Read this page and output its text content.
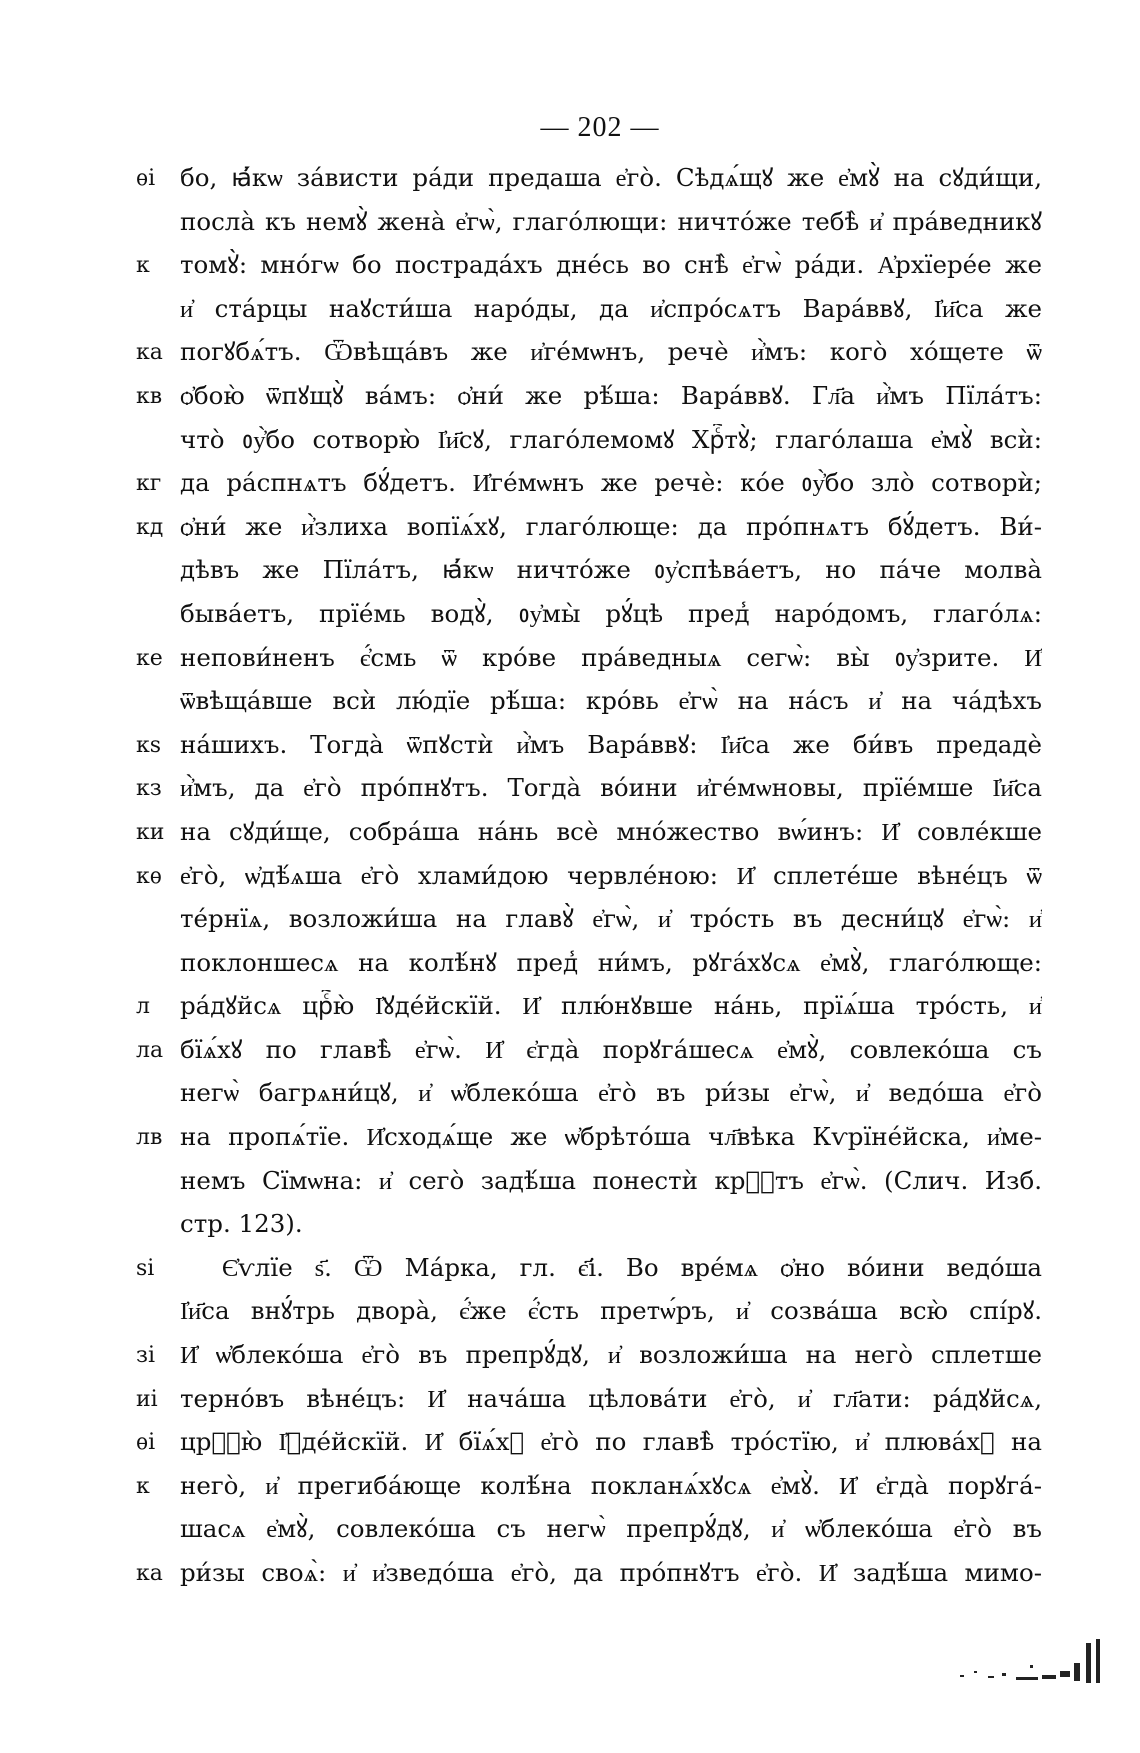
— 202 —
ѳі	бо, ꙗ҆́кѡ за́висти ра́ди предаша е҆го̀. Сѣдѧ́щꙋ же е҆мꙋ̀ на сꙋди́щи,
посла̀ къ немꙋ̀ жена̀ е҆гѡ̀, глаго́лющи: ничто́же тебѣ̀ и҆ пра́ведникꙋ
к	томꙋ̀: мно́гѡ бо пострада́хъ дне́сь во снѣ̀ е҆гѡ̀ ра́ди. А҆рхїере́е же
и҆ ста́рцы наꙋсти́ша наро́ды, да и҆спро́сѧтъ Вара́ввꙋ, І҆и҃са же
ка погꙋбѧ́тъ. Ѿвѣща́въ же и҆ге́мѡнъ, речѐ и҆̀мъ: кого̀ хо́щете ѿ
кв ѻ҆бою̀ ѿпꙋщꙋ̀ ва́мъ: ѻ҆ни́ же рѣ́ша: Вара́ввꙋ. Гл҃а и҆̀мъ Пїла́тъ:
что̀ ᲂу҆̀бо сотворю̀ І҆и҃сꙋ, глаго́лемомꙋ Хрⷭ҇тꙋ̀; глаго́лаша е҆мꙋ̀ всѝ:
кг да ра́спнѧтъ бꙋ́детъ. И҆ге́мѡнъ же речѐ: ко́е ᲂу҆̀бо зло̀ сотворѝ;
кд ѻ҆ни́ же и҆̀злиха вопїѧ́хꙋ, глаго́люще: да про́пнѧтъ бꙋ́детъ. Ви́-
дѣвъ же Пїла́тъ, ꙗ҆́кѡ ничто́же ᲂу҆спѣва́етъ, но па́че молва̀
быва́етъ, прїе́мь водꙋ̀, ᲂу҆мы̀ рꙋ́цѣ пред̾ наро́домъ, глаго́лѧ:
ке непови́ненъ є҆́смь ѿ кро́ве пра́ведныѧ сегѡ̀: вы̀ ᲂу҆зрите. И҆
ѿвѣща́вше всѝ лю́дїе рѣ́ша: кро́вь е҆гѡ̀ на на́съ и҆ на ча́дѣхъ
кѕ на́шихъ. Тогда̀ ѿпꙋстѝ и҆̀мъ Вара́ввꙋ: І҆и҃са же би́въ предадѐ
кз и҆̀мъ, да е҆го̀ про́пнꙋтъ. Тогда̀ во́ини и҆ге́мѡновы, прїе́мше І҆и҃са
ки на сꙋди́ще, собра́ша на́нь всѐ мно́жество вѡ́инъ: И҆ совле́кше
кѳ е҆го̀, ѡ҆дѣ́ѧша е҆го̀ хлами́дою червле́ною: И҆ сплете́ше вѣне́цъ ѿ
те́рнїѧ, возложи́ша на главꙋ̀ е҆гѡ̀, и҆ тро́сть въ десни́цꙋ е҆гѡ̀: и҆
поклоншесѧ на колѣ́нꙋ пред̾ ни́мъ, рꙋга́хꙋсѧ е҆мꙋ̀, глаго́люще:
л	ра́дꙋйсѧ црⷭ҇ю̀ І҆ꙋде́йскїй. И҆ плю́нꙋвше на́нь, прїѧ́ша тро́сть, и҆
ла бїѧ́хꙋ по главѣ̀ е҆гѡ̀. И҆ є҆гда̀ порꙋга́шесѧ е҆мꙋ̀, совлеко́ша съ
негѡ̀ багрѧни́цꙋ, и҆ ѡ҆блеко́ша е҆го̀ въ ри́зы е҆гѡ̀, и҆ ведо́ша е҆го̀
лв на пропѧ́тїе. И҆сходѧ́ще же ѡ҆брѣто́ша чл҃вѣка Кѵрїне́йска, и҆ме-
немъ Сїмѡна: и҆ сего̀ задѣ́ша понестѝ крⷭ҇тъ е҆гѡ̀. (Слич. Изб.
стр. 123).
ѕі	Є҆ѵлїе ѕ҃. Ѿ Ма́рка, гл. є҃і. Во вре́мѧ ѻ҆но во́ини ведо́ша
І҆и҃са внꙋ́трь двора̀, є҆́же є҆́сть претѡ́ръ, и҆ созва́ша всю̀ спі́рꙋ.
зі	И҆ ѡ҆блеко́ша е҆го̀ въ препрꙋ́дꙋ, и҆ возложи́ша на него̀ сплетше
иі терно́въ вѣне́цъ: И҆ нача́ша цѣлова́ти е҆го̀, и҆ гл҃ати: ра́дꙋйсѧ,
ѳі	црⷭ҇ю̀ І҆ꙋде́йскїй. И҆ бїѧ́хꙋ е҆го̀ по главѣ̀ тро́стїю, и҆ плюва́хꙋ на
к	него̀, и҆ прегиба́юще колѣ́на покланѧ́хꙋсѧ е҆мꙋ̀. И҆ є҆гда̀ порꙋга́-
шасѧ е҆мꙋ̀, совлеко́ша съ негѡ̀ препрꙋ́дꙋ, и҆ ѡ҆блеко́ша е҆го̀ въ
ка ри́зы своѧ̀: и҆ и҆зведо́ша е҆го̀, да про́пнꙋтъ е҆го̀. И҆ задѣ́ша мимо-
